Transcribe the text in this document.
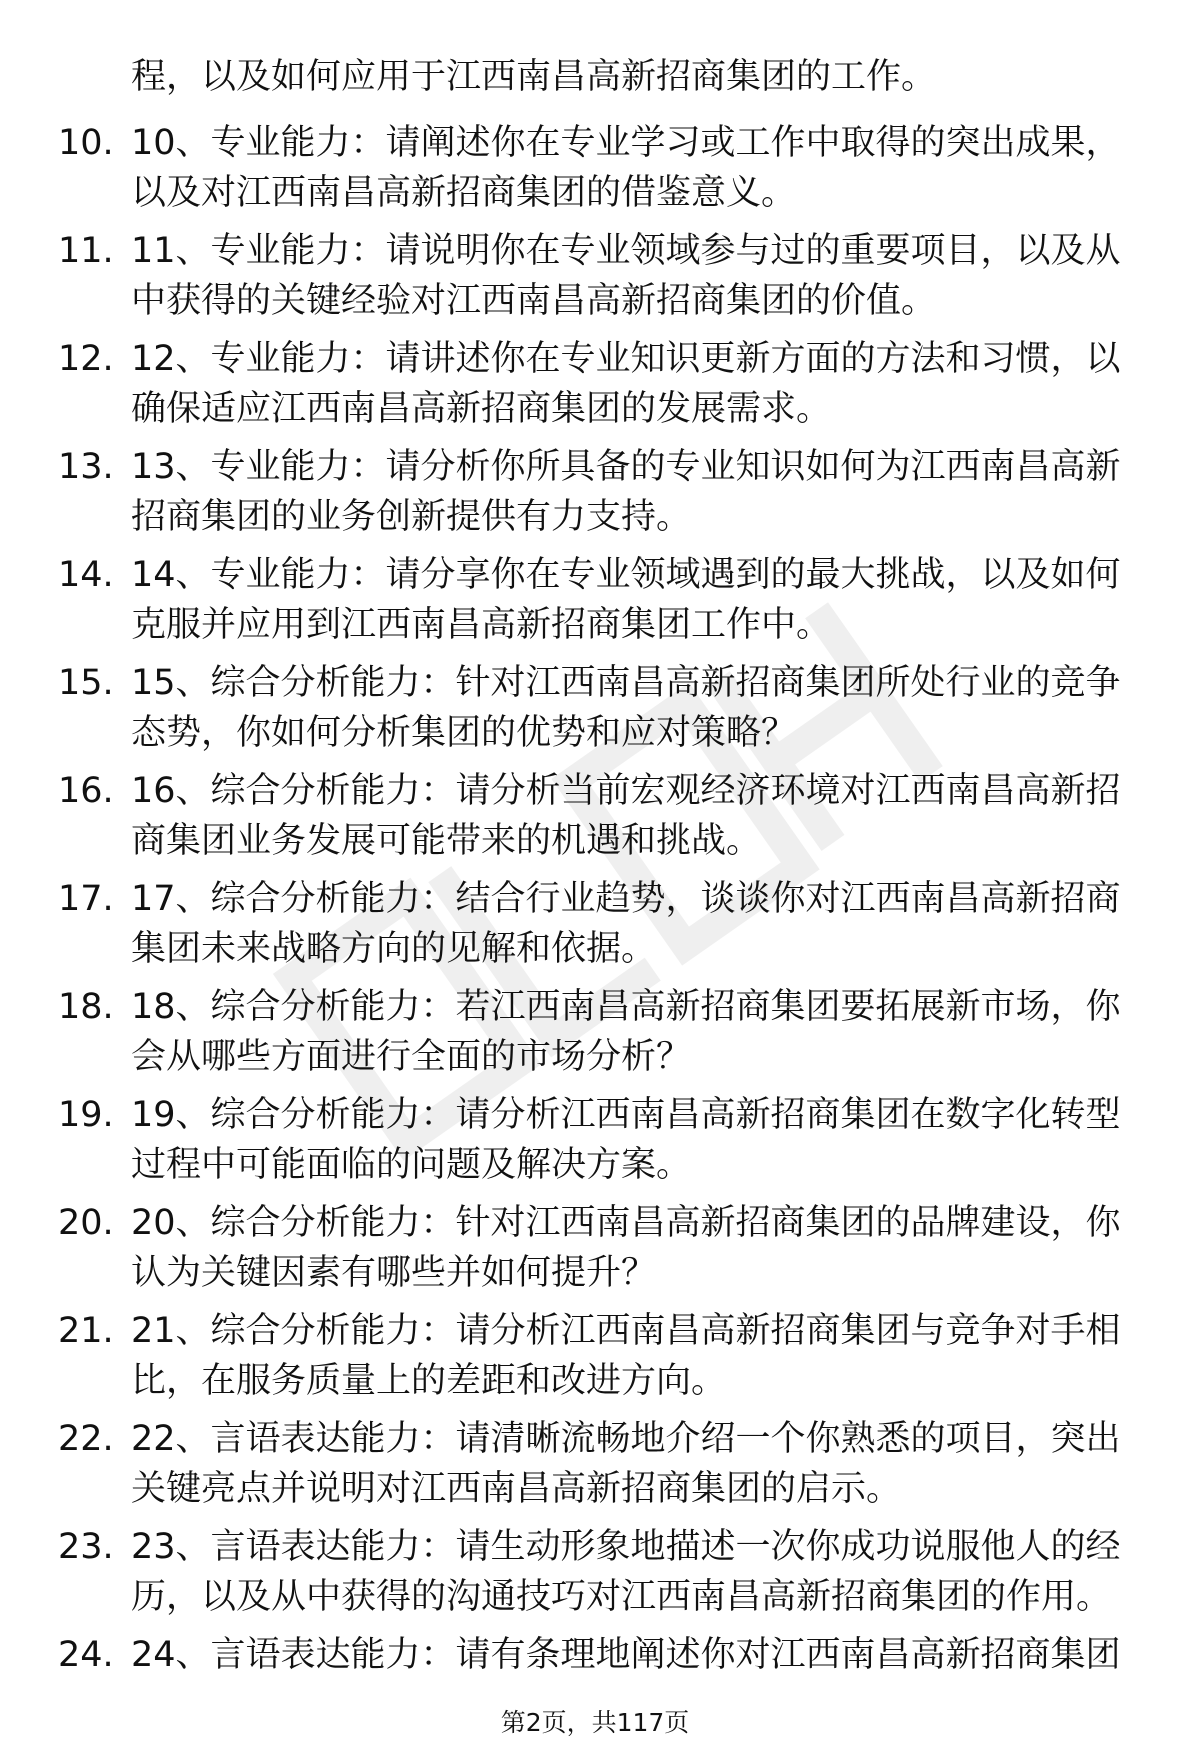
程，以及如何应用于江西南昌高新招商集团的工作。
10. 10、专业能力：请阐述你在专业学习或工作中取得的突出成果，以及对江西南昌高新招商集团的借鉴意义。
11. 11、专业能力：请说明你在专业领域参与过的重要项目，以及从中获得的关键经验对江西南昌高新招商集团的价值。
12. 12、专业能力：请讲述你在专业知识更新方面的方法和习惯，以确保适应江西南昌高新招商集团的发展需求。
13. 13、专业能力：请分析你所具备的专业知识如何为江西南昌高新招商集团的业务创新提供有力支持。
14. 14、专业能力：请分享你在专业领域遇到的最大挑战，以及如何克服并应用到江西南昌高新招商集团工作中。
15. 15、综合分析能力：针对江西南昌高新招商集团所处行业的竞争态势，你如何分析集团的优势和应对策略？
16. 16、综合分析能力：请分析当前宏观经济环境对江西南昌高新招商集团业务发展可能带来的机遇和挑战。
17. 17、综合分析能力：结合行业趋势，谈谈你对江西南昌高新招商集团未来战略方向的见解和依据。
18. 18、综合分析能力：若江西南昌高新招商集团要拓展新市场，你会从哪些方面进行全面的市场分析？
19. 19、综合分析能力：请分析江西南昌高新招商集团在数字化转型过程中可能面临的问题及解决方案。
20. 20、综合分析能力：针对江西南昌高新招商集团的品牌建设，你认为关键因素有哪些并如何提升？
21. 21、综合分析能力：请分析江西南昌高新招商集团与竞争对手相比，在服务质量上的差距和改进方向。
22. 22、言语表达能力：请清晰流畅地介绍一个你熟悉的项目，突出关键亮点并说明对江西南昌高新招商集团的启示。
23. 23、言语表达能力：请生动形象地描述一次你成功说服他人的经历，以及从中获得的沟通技巧对江西南昌高新招商集团的作用。
24. 24、言语表达能力：请有条理地阐述你对江西南昌高新招商集团
第2页，共117页
